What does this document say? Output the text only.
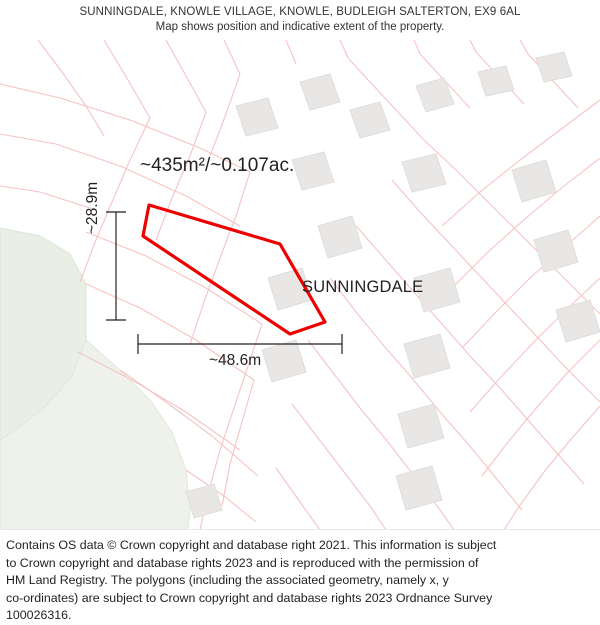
SUNNINGDALE, KNOWLE VILLAGE, KNOWLE, BUDLEIGH SALTERTON, EX9 6AL
Map shows position and indicative extent of the property.
~435m²/~0.107ac.
SUNNINGDALE
~48.6m
~28.9m

Contains OS data © Crown copyright and database right 2021. This information is subject

to Crown copyright and database rights 2023 and is reproduced with the permission of

HM Land Registry. The polygons (including the associated geometry, namely x, y

co-ordinates) are subject to Crown copyright and database rights 2023 Ordnance Survey

100026316.
